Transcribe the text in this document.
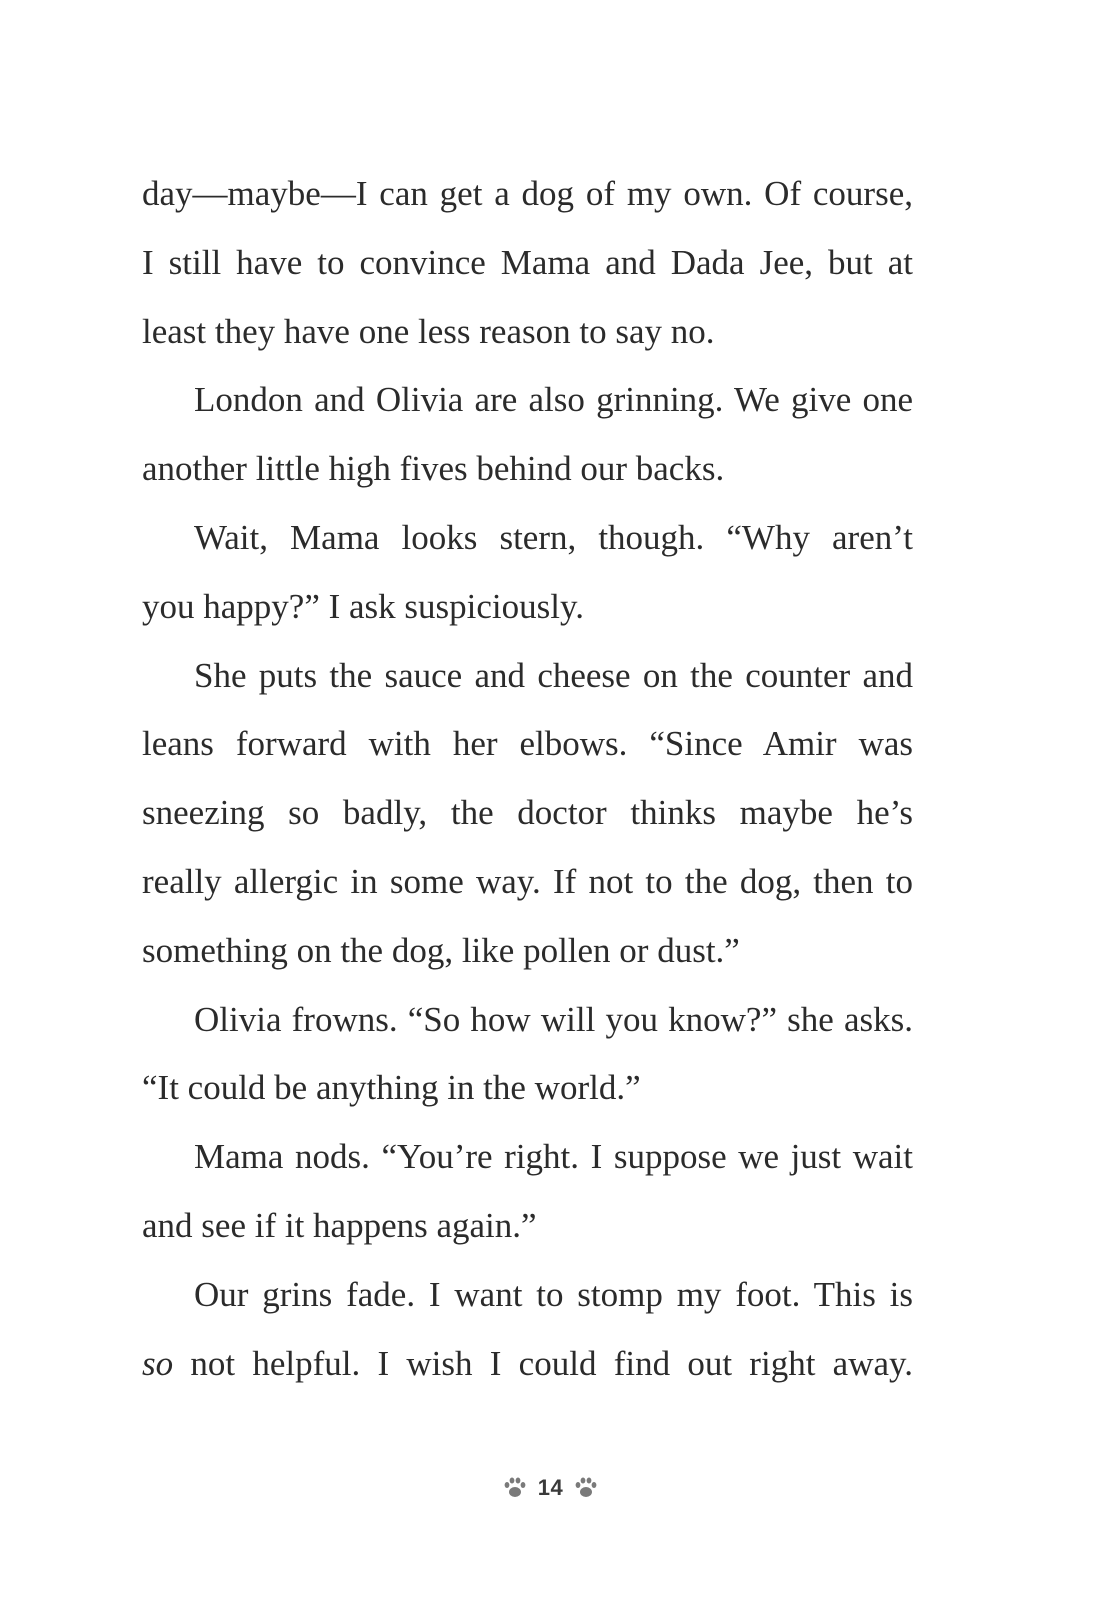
day—maybe—I can get a dog of my own. Of course,
I still have to convince Mama and Dada Jee, but at
least they have one less reason to say no.
London and Olivia are also grinning. We give one
another little high fives behind our backs.
Wait, Mama looks stern, though. “Why aren’t
you happy?” I ask suspiciously.
She puts the sauce and cheese on the counter and
leans forward with her elbows. “Since Amir was
sneezing so badly, the doctor thinks maybe he’s
really allergic in some way. If not to the dog, then to
something on the dog, like pollen or dust.”
Olivia frowns. “So how will you know?” she asks.
“It could be anything in the world.”
Mama nods. “You’re right. I suppose we just wait
and see if it happens again.”
Our grins fade. I want to stomp my foot. This is
so not helpful. I wish I could find out right away.
14
